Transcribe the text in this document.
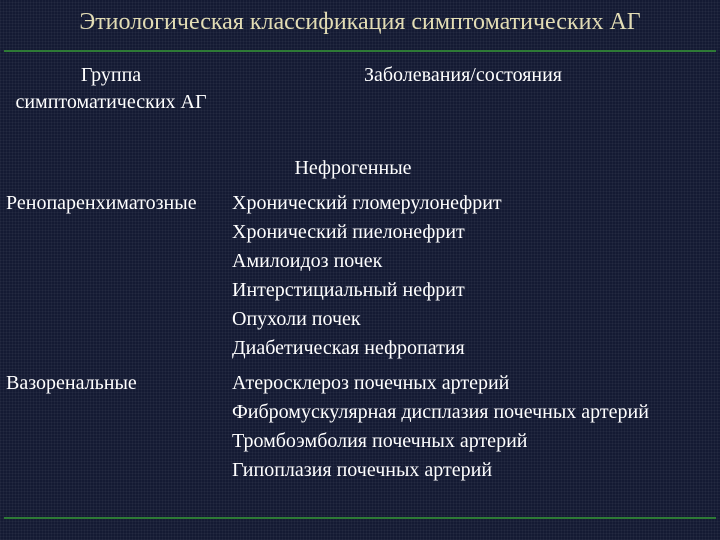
Этиологическая классификация симптоматических АГ
Группа симптоматических АГ
Заболевания/состояния
Нефрогенные
Ренопаренхиматозные	Хронический гломерулонефрит
Хронический пиелонефрит
Амилоидоз почек
Интерстициальный нефрит
Опухоли почек
Диабетическая нефропатия
Вазоренальные	Атеросклероз почечных артерий
Фибромускулярная дисплазия почечных артерий
Тромбоэмболия почечных артерий
Гипоплазия почечных артерий
